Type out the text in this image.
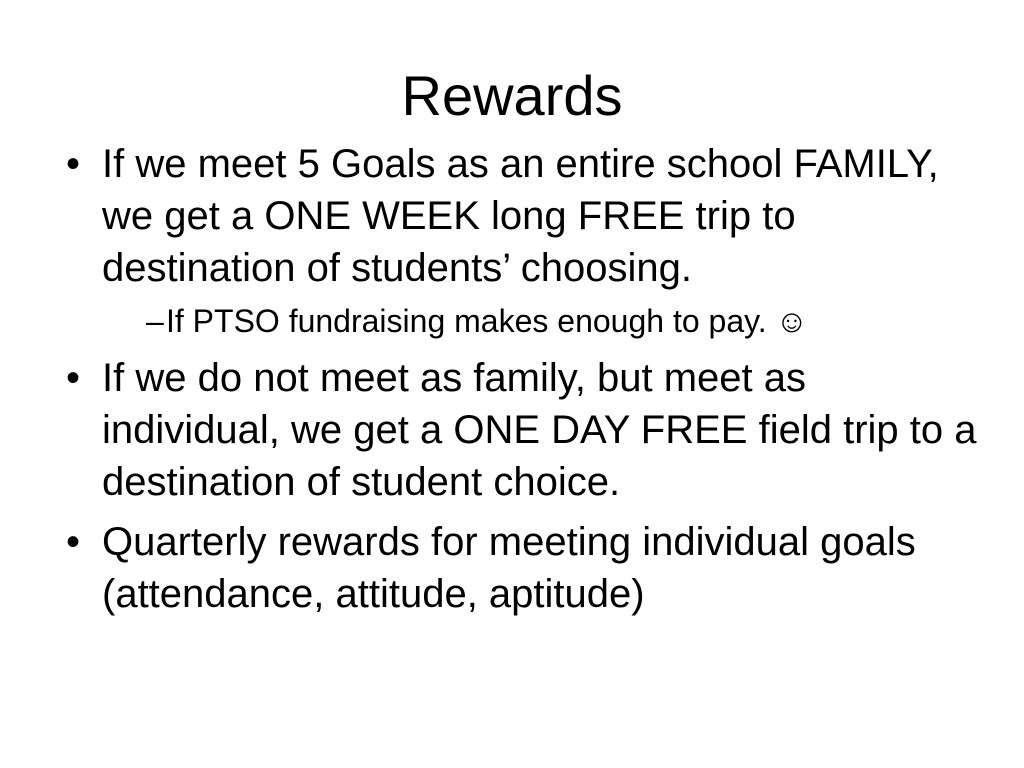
Rewards
• If we meet 5 Goals as an entire school FAMILY, we get a ONE WEEK long FREE trip to destination of students’ choosing.
– If PTSO fundraising makes enough to pay. ☺
• If we do not meet as family, but meet as individual, we get a ONE DAY FREE field trip to a destination of student choice.
• Quarterly rewards for meeting individual goals (attendance, attitude, aptitude)
